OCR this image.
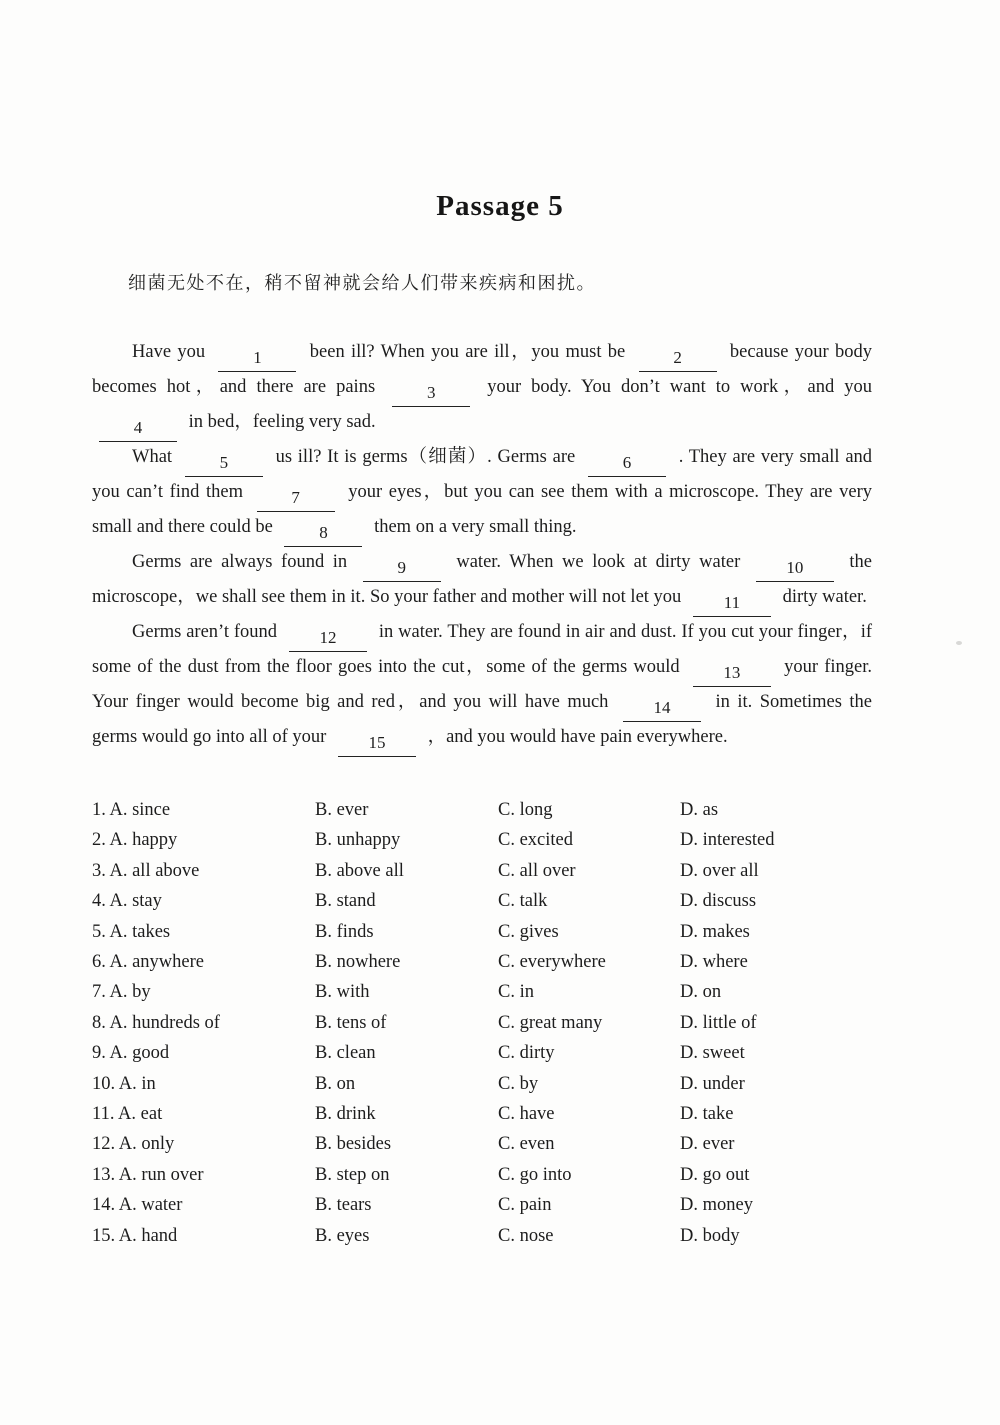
Passage 5
细菌无处不在，稍不留神就会给人们带来疾病和困扰。

Have you 1	been ill? When you are ill，you must be 2	because your body becomes hot，and there are pains 3	your body. You don’t want to work，and you 4	in bed，feeling very sad.

What 5	us ill? It is germs（细菌）. Germs are 6	. They are very small and you can’t find them 7	your eyes，but you can see them with a microscope. They are very small and there could be 8	them on a very small thing.

Germs are always found in 9	water. When we look at dirty water 10 the microscope，we shall see them in it. So your father and mother will not let you 11 dirty water.

Germs aren’t found 12 in water. They are found in air and dust. If you cut your finger，if some of the dust from the floor goes into the cut，some of the germs would 13 your finger. Your finger would become big and red，and you will have much 14 in it. Sometimes the germs would go into all of your 15 ，and you would have pain everywhere.

1. A. since	B. ever	C. long	D. as
2. A. happy	B. unhappy	C. excited	D. interested
3. A. all above	B. above all	C. all over	D. over all
4. A. stay	B. stand	C. talk	D. discuss
5. A. takes	B. finds	C. gives	D. makes
6. A. anywhere	B. nowhere	C. everywhere	D. where
7. A. by	B. with	C. in	D. on
8. A. hundreds of	B. tens of	C. great many	D. little of
9. A. good	B. clean	C. dirty	D. sweet
10. A. in	B. on	C. by	D. under
11. A. eat	B. drink	C. have	D. take
12. A. only	B. besides	C. even	D. ever
13. A. run over	B. step on	C. go into	D. go out
14. A. water	B. tears	C. pain	D. money
15. A. hand	B. eyes	C. nose	D. body
